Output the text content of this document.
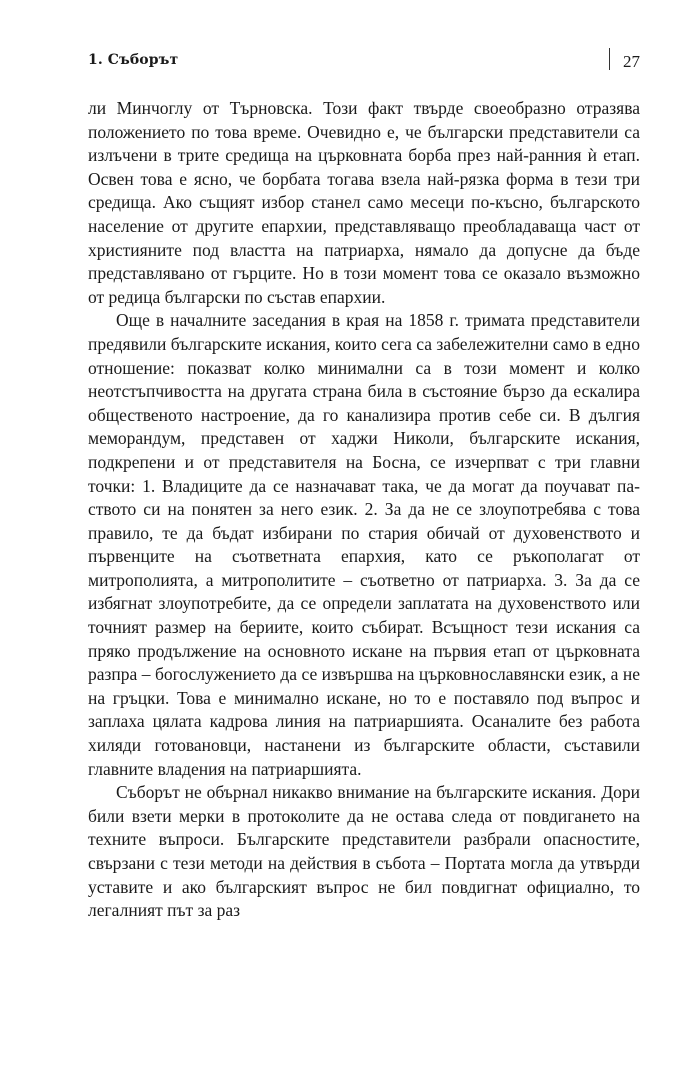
1. Съборът	27

ли Минчоглу от Търновска. Този факт твърде своеобразно отразява положението по това време. Очевидно е, че български представители са излъчени в трите средища на църковната борба през най-ранния ѝ етап. Освен това е ясно, че борбата тогава взела най-рязка форма в тези три средища. Ако същият избор станел само месеци по-късно, българското население от другите епархии, представляващо преобладаваща част от християните под властта на патриарха, нямало да допусне да бъде представлявано от гърците. Но в този момент това се оказало възможно от редица български по състав епархии.

Още в началните заседания в края на 1858 г. тримата представители предявили българските искания, които сега са забележителни само в едно отношение: показват колко минимални са в този момент и колко неотстъпчивостта на другата страна била в състояние бързо да ескалира общественото настроение, да го канализира против себе си. В дългия меморандум, представен от хаджи Николи, българските искания, подкрепени и от представителя на Босна, се изчерпват с три главни точки: 1. Владиците да се назначават така, че да могат да поучават паството си на понятен за него език. 2. За да не се злоупотребява с това правило, те да бъдат избирани по стария обичай от духовенството и първенците на съответната епархия, като се ръкополагат от митрополията, а митрополитите – съответно от патриарха. 3. За да се избягнат злоупотребите, да се определи заплатата на духовенството или точният размер на бериите, които събират. Всъщност тези искания са пряко продължение на основното искане на първия етап от църковната разпра – богослужението да се извършва на църковнославянски език, а не на гръцки. Това е минимално искане, но то е поставяло под въпрос и заплаха цялата кадрова линия на патриаршията. Осаналите без работа хиляди готовановци, настанени из българските области, съставили главните владения на патриаршията.

Съборът не обърнал никакво внимание на българските искания. Дори били взети мерки в протоколите да не остава следа от повдигането на техните въпроси. Българските представители разбрали опасностите, свързани с тези методи на действия в събота – Портата могла да утвърди уставите и ако българският въпрос не бил повдигнат официално, то легалният път за раз
